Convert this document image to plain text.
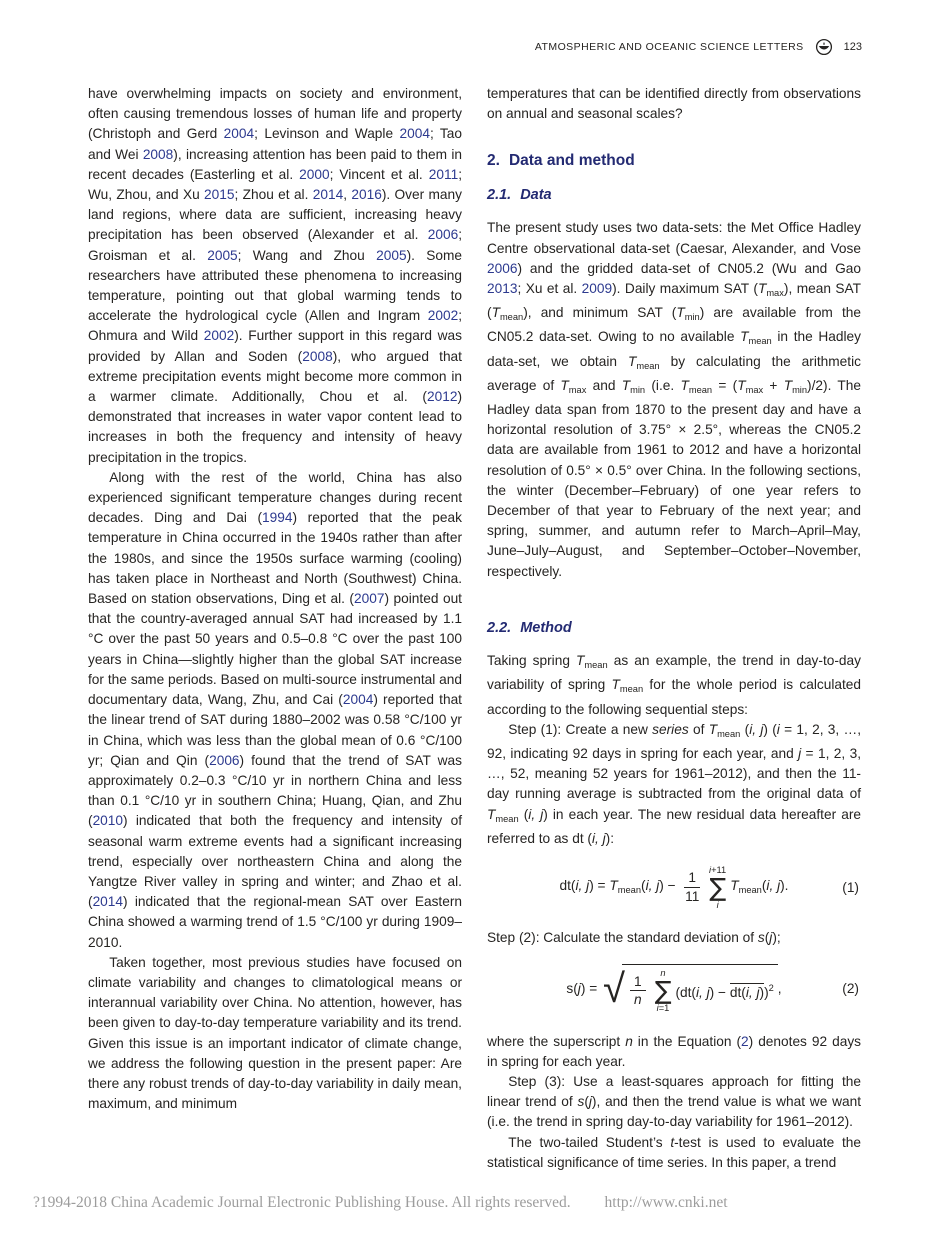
ATMOSPHERIC AND OCEANIC SCIENCE LETTERS	123

have overwhelming impacts on society and environment, often causing tremendous losses of human life and property (Christoph and Gerd 2004; Levinson and Waple 2004; Tao and Wei 2008), increasing attention has been paid to them in recent decades (Easterling et al. 2000; Vincent et al. 2011; Wu, Zhou, and Xu 2015; Zhou et al. 2014, 2016). Over many land regions, where data are sufficient, increasing heavy precipitation has been observed (Alexander et al. 2006; Groisman et al. 2005; Wang and Zhou 2005). Some researchers have attributed these phenomena to increasing temperature, pointing out that global warming tends to accelerate the hydrological cycle (Allen and Ingram 2002; Ohmura and Wild 2002). Further support in this regard was provided by Allan and Soden (2008), who argued that extreme precipitation events might become more common in a warmer climate. Additionally, Chou et al. (2012) demonstrated that increases in water vapor content lead to increases in both the frequency and intensity of heavy precipitation in the tropics.

Along with the rest of the world, China has also experienced significant temperature changes during recent decades. Ding and Dai (1994) reported that the peak temperature in China occurred in the 1940s rather than after the 1980s, and since the 1950s surface warming (cooling) has taken place in Northeast and North (Southwest) China. Based on station observations, Ding et al. (2007) pointed out that the country-averaged annual SAT had increased by 1.1 °C over the past 50 years and 0.5–0.8 °C over the past 100 years in China—slightly higher than the global SAT increase for the same periods. Based on multi-source instrumental and documentary data, Wang, Zhu, and Cai (2004) reported that the linear trend of SAT during 1880–2002 was 0.58 °C/100 yr in China, which was less than the global mean of 0.6 °C/100 yr; Qian and Qin (2006) found that the trend of SAT was approximately 0.2–0.3 °C/10 yr in northern China and less than 0.1 °C/10 yr in southern China; Huang, Qian, and Zhu (2010) indicated that both the frequency and intensity of seasonal warm extreme events had a significant increasing trend, especially over northeastern China and along the Yangtze River valley in spring and winter; and Zhao et al. (2014) indicated that the regional-mean SAT over Eastern China showed a warming trend of 1.5 °C/100 yr during 1909–2010.

Taken together, most previous studies have focused on climate variability and changes to climatological means or interannual variability over China. No attention, however, has been given to day-to-day temperature variability and its trend. Given this issue is an important indicator of climate change, we address the following question in the present paper: Are there any robust trends of day-to-day variability in daily mean, maximum, and minimum

temperatures that can be identified directly from observations on annual and seasonal scales?

2. Data and method
2.1. Data

The present study uses two data-sets: the Met Office Hadley Centre observational data-set (Caesar, Alexander, and Vose 2006) and the gridded data-set of CN05.2 (Wu and Gao 2013; Xu et al. 2009). Daily maximum SAT $(T_{max})$, mean SAT $(T_{mean})$, and minimum SAT $(T_{min})$ are available from the CN05.2 data-set. Owing to no available $T_{mean}$ in the Hadley data-set, we obtain $T_{mean}$ by calculating the arithmetic average of $T_{max}$ and $T_{min}$ (i.e. $T_{mean} = (T_{max} + T_{min})/2$). The Hadley data span from 1870 to the present day and have a horizontal resolution of 3.75° × 2.5°, whereas the CN05.2 data are available from 1961 to 2012 and have a horizontal resolution of 0.5° × 0.5° over China. In the following sections, the winter (December–February) of one year refers to December of that year to February of the next year; and spring, summer, and autumn refer to March–April–May, June–July–August, and September–October–November, respectively.

2.2. Method

Taking spring $T_{mean}$ as an example, the trend in day-to-day variability of spring $T_{mean}$ for the whole period is calculated according to the following sequential steps:

Step (1): Create a new series of $T_{mean}$ (i, j) (i = 1, 2, 3, …, 92, indicating 92 days in spring for each year, and j = 1, 2, 3, …, 52, meaning 52 years for 1961–2012), and then the 11-day running average is subtracted from the original data of $T_{mean}$ (i, j) in each year. The new residual data hereafter are referred to as dt (i, j):

dt(i, $j) = T_{mean}(i$, $j) - \frac{1}{11}$
i+11
∑
i
$T_{mean}(i$, j).	(1)

Step (2): Calculate the standard deviation of s(j);

s(j) = √ $\frac{1}{n}$
n
∑
i=1
(dt(i, j) − dt(i, j))$^2$ ,	(2)

where the superscript n in the Equation (2) denotes 92 days in spring for each year.

Step (3): Use a least-squares approach for fitting the linear trend of s(j), and then the trend value is what we want (i.e. the trend in spring day-to-day variability for 1961–2012).

The two-tailed Student’s t-test is used to evaluate the statistical significance of time series. In this paper, a trend

?1994-2018 China Academic Journal Electronic Publishing House. All rights reserved. http://www.cnki.net
